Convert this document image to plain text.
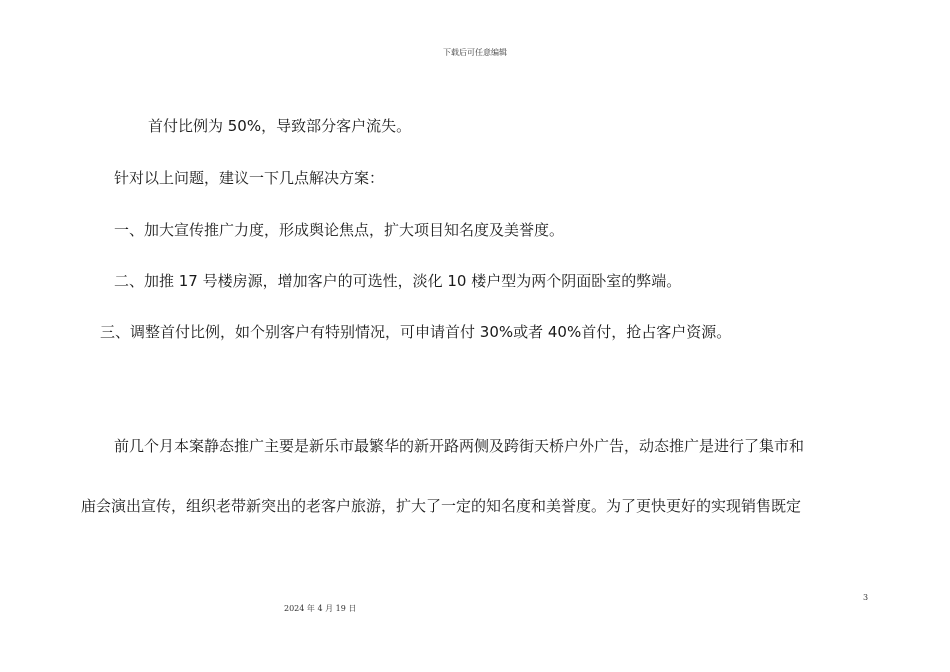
下载后可任意编辑
首付比例为 50%，导致部分客户流失。
针对以上问题，建议一下几点解决方案：
一、加大宣传推广力度，形成舆论焦点，扩大项目知名度及美誉度。
二、加推 17 号楼房源，增加客户的可选性，淡化 10 楼户型为两个阴面卧室的弊端。
三、调整首付比例，如个别客户有特别情况，可申请首付 30%或者 40%首付，抢占客户资源。
前几个月本案静态推广主要是新乐市最繁华的新开路两侧及跨街天桥户外广告，动态推广是进行了集市和
庙会演出宣传，组织老带新突出的老客户旅游，扩大了一定的知名度和美誉度。为了更快更好的实现销售既定
3
2024 年 4 月 19 日
